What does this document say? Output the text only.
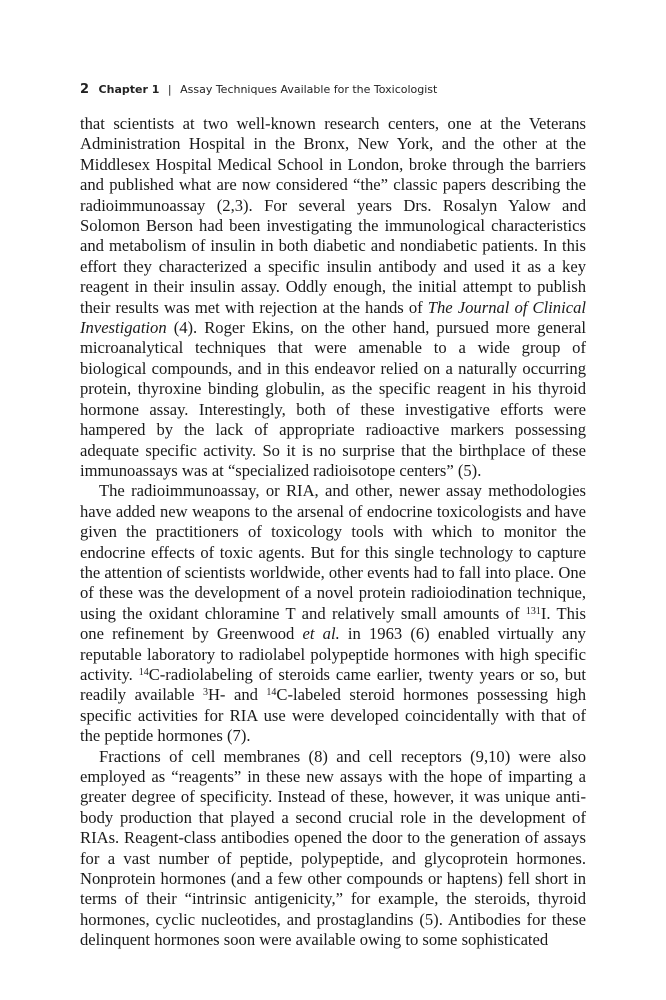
2 Chapter 1 | Assay Techniques Available for the Toxicologist

that scientists at two well-known research centers, one at the Veterans Administration Hospital in the Bronx, New York, and the other at the Middlesex Hospital Medical School in London, broke through the barriers and published what are now considered “the” classic papers describing the radioimmunoassay (2,3). For several years Drs. Rosalyn Yalow and Solomon Berson had been investigating the immunological characteristics and metabolism of insulin in both diabetic and nondiabetic patients. In this effort they characterized a specific insulin antibody and used it as a key reagent in their insulin assay. Oddly enough, the initial attempt to publish their results was met with rejection at the hands of The Journal of Clinical Investigation (4). Roger Ekins, on the other hand, pursued more general microanalytical techniques that were amenable to a wide group of biological compounds, and in this endeavor relied on a naturally occurring protein, thyroxine binding globulin, as the specific reagent in his thyroid hormone assay. Interestingly, both of these investigative efforts were hampered by the lack of appropriate radioactive markers possessing adequate specific activity. So it is no surprise that the birthplace of these immunoassays was at “specialized radioisotope centers” (5).

The radioimmunoassay, or RIA, and other, newer assay methodologies have added new weapons to the arsenal of endocrine toxicologists and have given the practitioners of toxicology tools with which to monitor the endocrine effects of toxic agents. But for this single technology to capture the attention of scientists worldwide, other events had to fall into place. One of these was the development of a novel protein radioiodination technique, using the oxidant chloramine T and relatively small amounts of $^{131}$I. This one refinement by Greenwood et al. in 1963 (6) enabled virtually any reputable laboratory to radiolabel polypeptide hormones with high specific activity. $^{14}$C-radiolabeling of steroids came earlier, twenty years or so, but readily available $^3$H- and $^{14}$C-labeled steroid hormones possessing high specific activities for RIA use were developed coincidentally with that of the peptide hormones (7).

Fractions of cell membranes (8) and cell receptors (9,10) were also employed as “reagents” in these new assays with the hope of imparting a greater degree of specificity. Instead of these, however, it was unique anti-body production that played a second crucial role in the development of RIAs. Reagent-class antibodies opened the door to the generation of assays for a vast number of peptide, polypeptide, and glycoprotein hormones. Nonprotein hormones (and a few other compounds or haptens) fell short in terms of their “intrinsic antigenicity,” for example, the steroids, thyroid hormones, cyclic nucleotides, and prostaglandins (5). Antibodies for these delinquent hormones soon were available owing to some sophisticated
